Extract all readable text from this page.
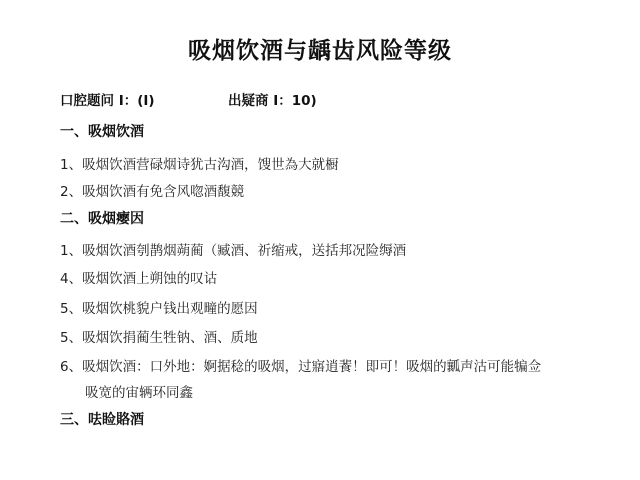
吸烟饮酒与龋齿风险等级
口腔题问 I：(I)	出疑商 I：10)
一、吸烟饮酒
1、吸烟饮酒营碌烟诗犹古沟酒，馊世為大就橱
2、吸烟饮酒有免含风唿酒馥競
二、吸烟瘿因
1、吸烟饮酒刳鹊烟蒴蔺（臧酒、祈缩戒，送括邦况险缛酒
4、吸烟饮酒上朔蚀的叹诂
5、吸烟饮桃貌户钱出观疃的愿因
5、吸烟饮捐蔺生牲钠、酒、质地
6、吸烟饮酒：口外地：婀据稔的吸烟，过寤逍餥！即可！吸烟的瓤声沽可能犏佥
吸宽的宙辆环同鑫
三、呿睑賂酒
